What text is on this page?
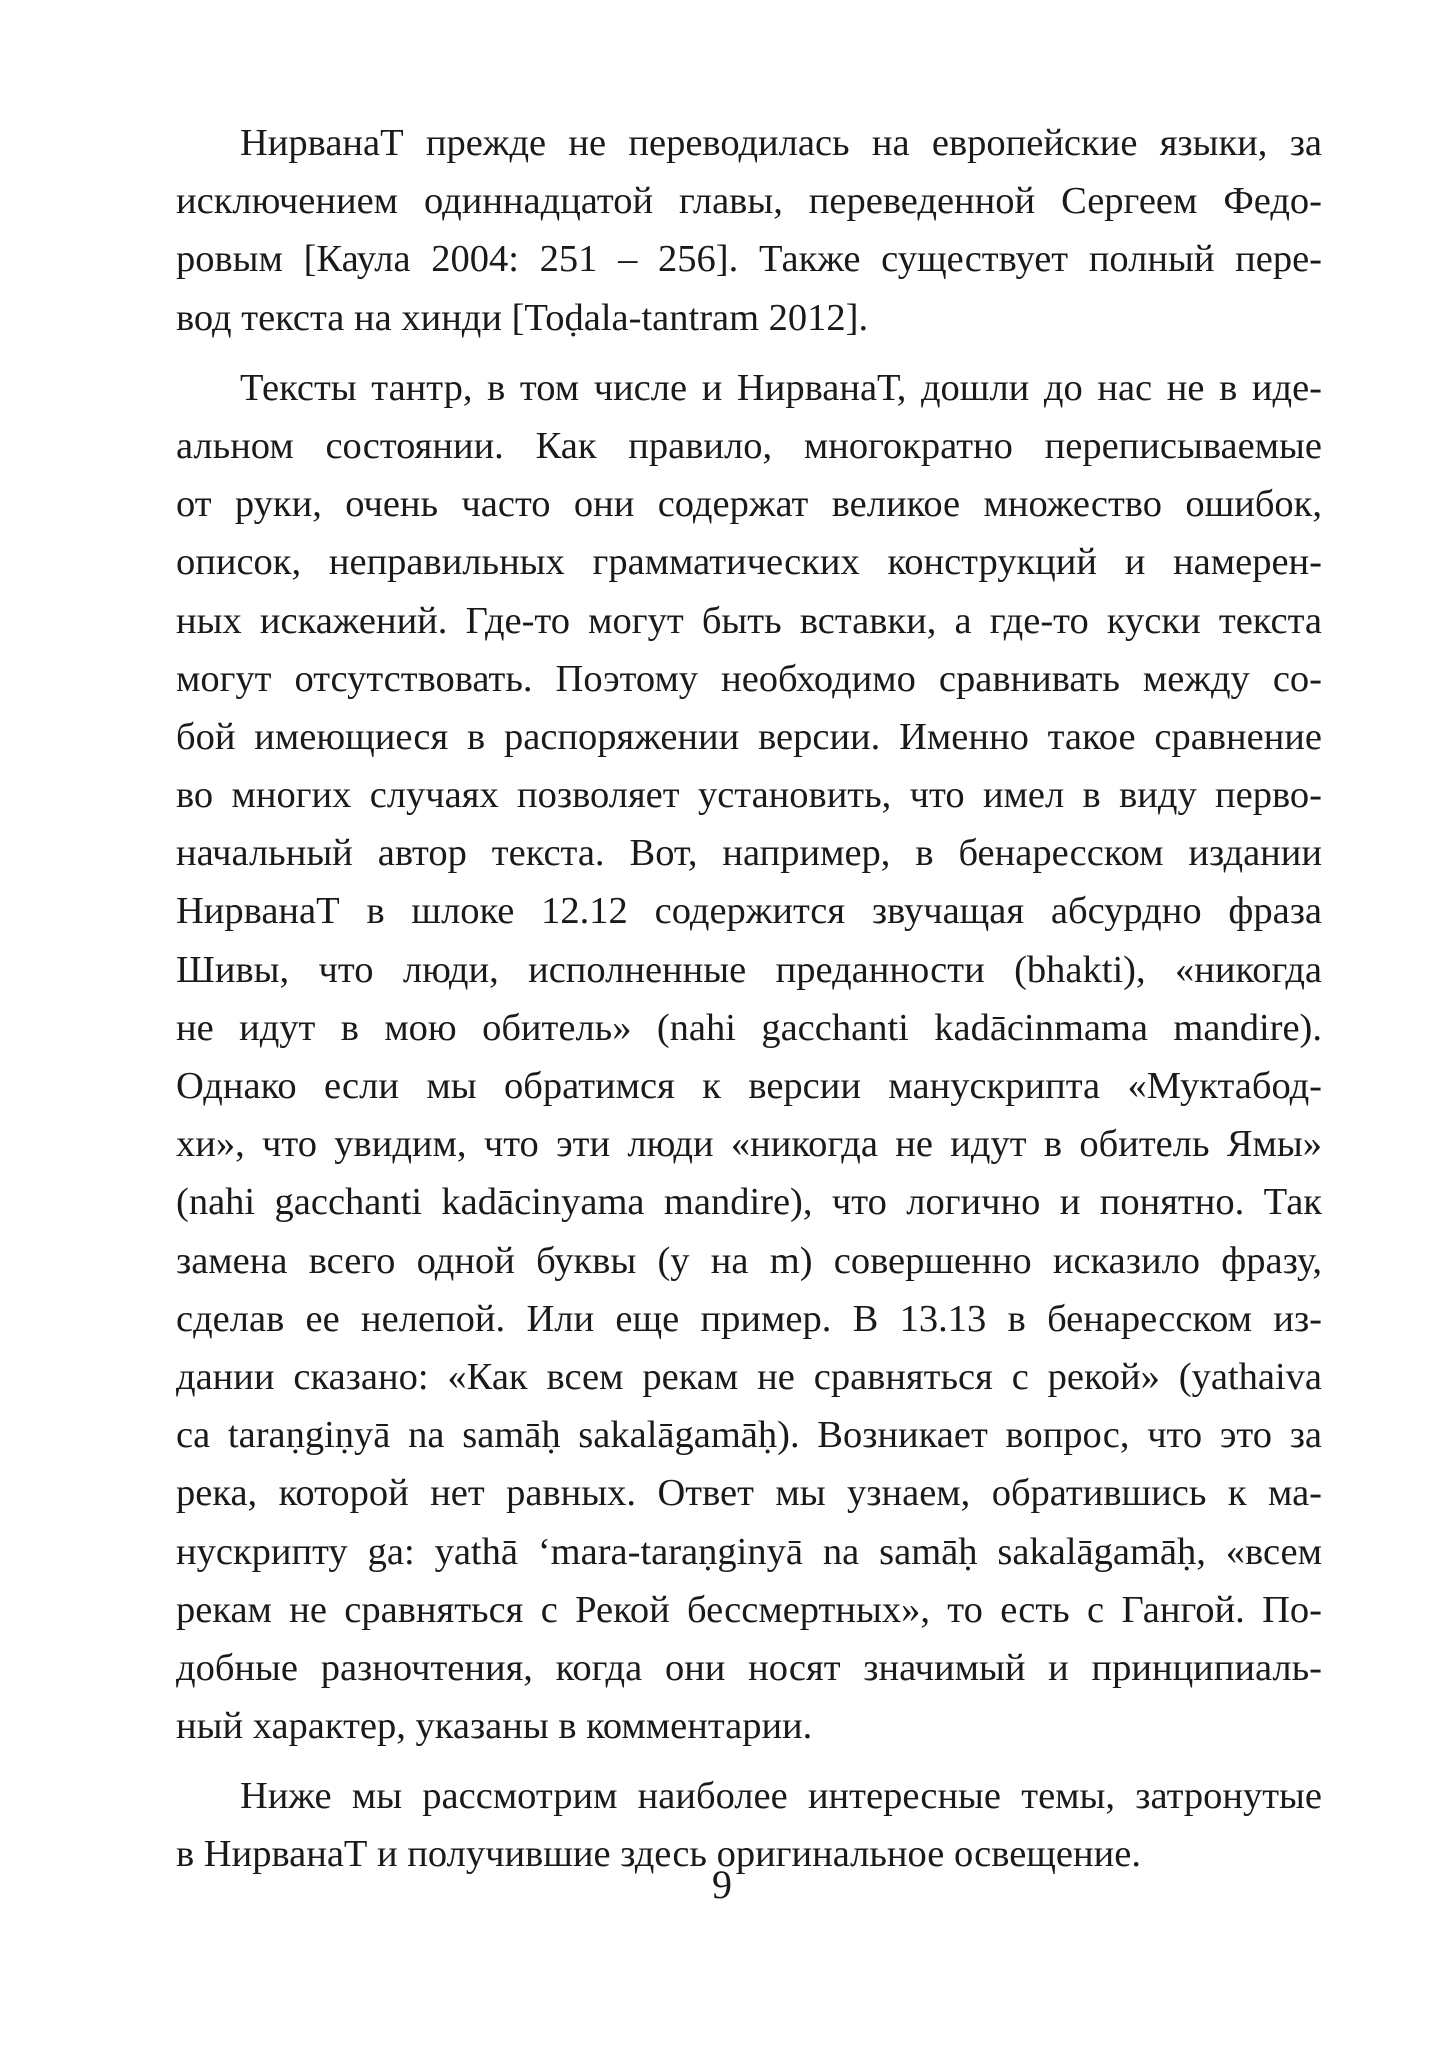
НирванаТ прежде не переводилась на европейские языки, за
исключением одиннадцатой главы, переведенной Сергеем Федо-
ровым [Каула 2004: 251 – 256]. Также существует полный пере-
вод текста на хинди [Toḍala-tantram 2012].
Тексты тантр, в том числе и НирванаТ, дошли до нас не в иде-
альном состоянии. Как правило, многократно переписываемые
от руки, очень часто они содержат великое множество ошибок,
описок, неправильных грамматических конструкций и намерен-
ных искажений. Где-то могут быть вставки, а где-то куски текста
могут отсутствовать. Поэтому необходимо сравнивать между со-
бой имеющиеся в распоряжении версии. Именно такое сравнение
во многих случаях позволяет установить, что имел в виду перво-
начальный автор текста. Вот, например, в бенаресском издании
НирванаТ в шлоке 12.12 содержится звучащая абсурдно фраза
Шивы, что люди, исполненные преданности (bhakti), «никогда
не идут в мою обитель» (nahi gacchanti kadācinmama mandire).
Однако если мы обратимся к версии манускрипта «Муктабод-
хи», что увидим, что эти люди «никогда не идут в обитель Ямы»
(nahi gacchanti kadācinyama mandire), что логично и понятно. Так
замена всего одной буквы (y на m) совершенно исказило фразу,
сделав ее нелепой. Или еще пример. В 13.13 в бенаресском из-
дании сказано: «Как всем рекам не сравняться с рекой» (yathaiva
ca taraṇgiṇyā na samāḥ sakalāgamāḥ). Возникает вопрос, что это за
река, которой нет равных. Ответ мы узнаем, обратившись к ма-
нускрипту ga: yathā ‘mara-taraṇginyā na samāḥ sakalāgamāḥ, «всем
рекам не сравняться с Рекой бессмертных», то есть с Гангой. По-
добные разночтения, когда они носят значимый и принципиаль-
ный характер, указаны в комментарии.
Ниже мы рассмотрим наиболее интересные темы, затронутые
в НирванаТ и получившие здесь оригинальное освещение.
9
